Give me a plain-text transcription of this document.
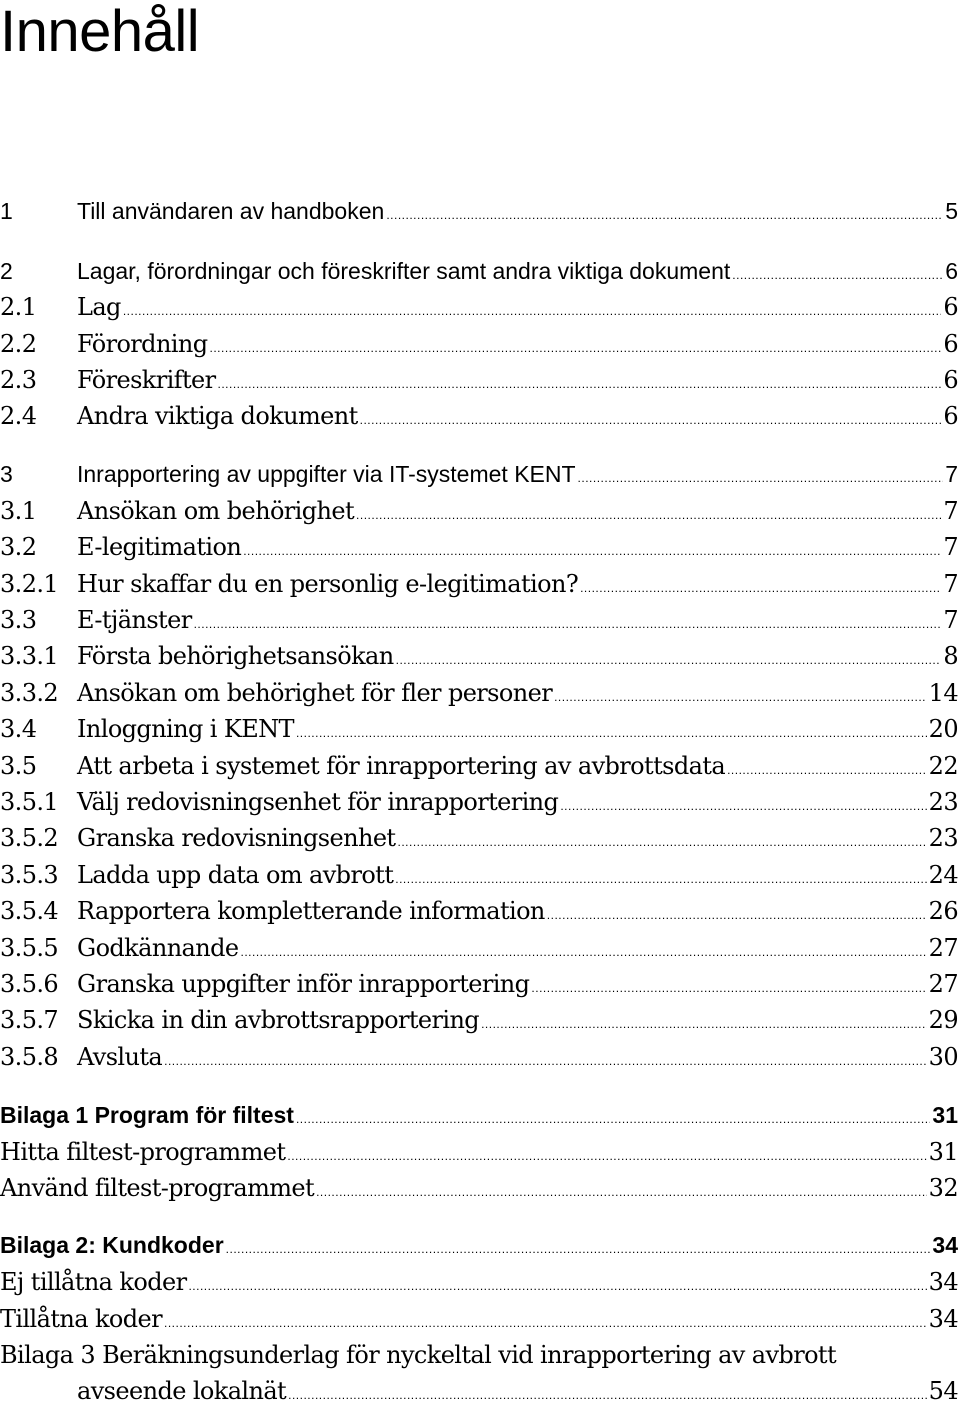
Innehåll
1	Till användaren av handboken .....	5
2	Lagar, förordningar och föreskrifter samt andra viktiga dokument .....	6
2.1	Lag .....	6
2.2	Förordning .....	6
2.3	Föreskrifter .....	6
2.4	Andra viktiga dokument .....	6
3	Inrapportering av uppgifter via IT-systemet KENT .....	7
3.1	Ansökan om behörighet .....	7
3.2	E-legitimation .....	7
3.2.1 Hur skaffar du en personlig e-legitimation? .....	7
3.3	E-tjänster .....	7
3.3.1 Första behörighetsansökan .....	8
3.3.2 Ansökan om behörighet för fler personer .....	14
3.4	Inloggning i KENT .....	20
3.5	Att arbeta i systemet för inrapportering av avbrottsdata .....	22
3.5.1 Välj redovisningsenhet för inrapportering .....	23
3.5.2 Granska redovisningsenhet .....	23
3.5.3 Ladda upp data om avbrott .....	24
3.5.4 Rapportera kompletterande information .....	26
3.5.5 Godkännande .....	27
3.5.6 Granska uppgifter inför inrapportering .....	27
3.5.7 Skicka in din avbrottsrapportering .....	29
3.5.8 Avsluta .....	30
Bilaga 1 Program för filtest .....	31
Hitta filtest-programmet .....	31
Använd filtest-programmet .....	32
Bilaga 2: Kundkoder .....	34
Ej tillåtna koder .....	34
Tillåtna koder .....	34
Bilaga 3 Beräkningsunderlag för nyckeltal vid inrapportering av avbrott
avseende lokalnät .....	54
